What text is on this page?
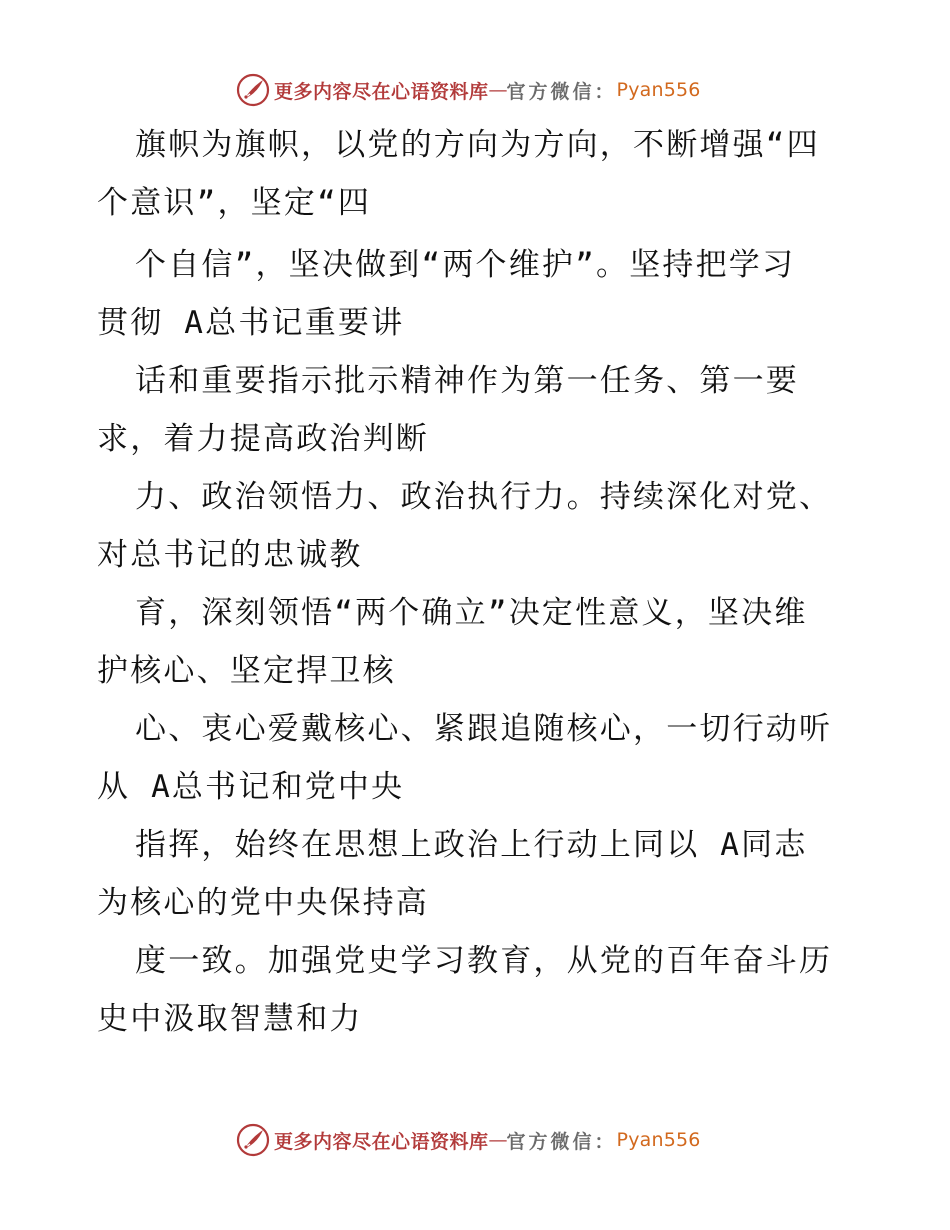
更多内容尽在心语资料库 — 官方微信： Pyan556
旗帜为旗帜，以党的方向为方向，不断增强“四
个意识”，坚定“四
个自信”，坚决做到“两个维护”。坚持把学习
贯彻 A总书记重要讲
话和重要指示批示精神作为第一任务、第一要
求，着力提高政治判断
力、政治领悟力、政治执行力。持续深化对党、
对总书记的忠诚教
育，深刻领悟“两个确立”决定性意义，坚决维
护核心、坚定捍卫核
心、衷心爱戴核心、紧跟追随核心，一切行动听
从 A总书记和党中央
指挥，始终在思想上政治上行动上同以 A同志
为核心的党中央保持高
度一致。加强党史学习教育，从党的百年奋斗历
史中汲取智慧和力
更多内容尽在心语资料库 — 官方微信： Pyan556
